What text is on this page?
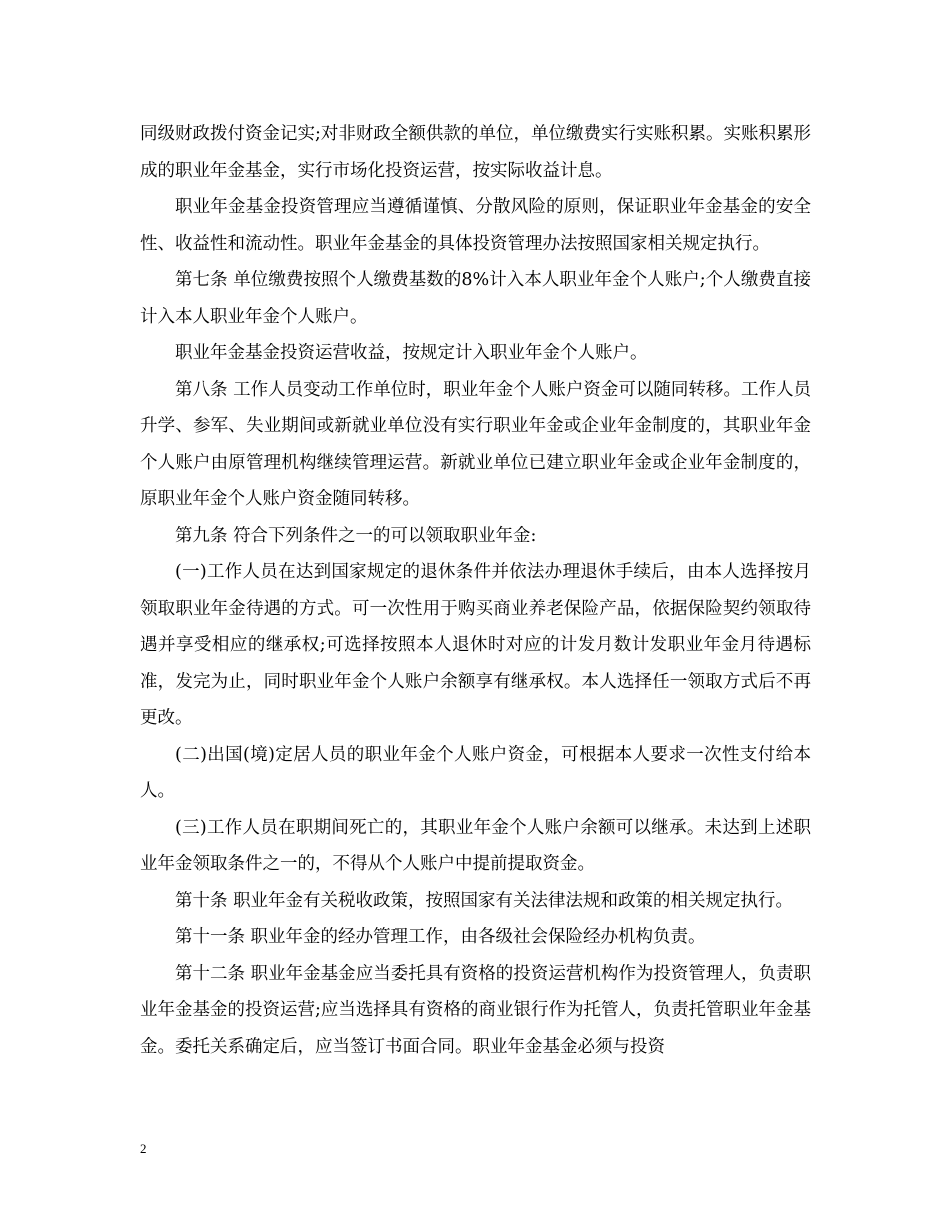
同级财政拨付资金记实;对非财政全额供款的单位，单位缴费实行实账积累。实账积累形成的职业年金基金，实行市场化投资运营，按实际收益计息。

职业年金基金投资管理应当遵循谨慎、分散风险的原则，保证职业年金基金的安全性、收益性和流动性。职业年金基金的具体投资管理办法按照国家相关规定执行。

第七条 单位缴费按照个人缴费基数的8%计入本人职业年金个人账户;个人缴费直接计入本人职业年金个人账户。

职业年金基金投资运营收益，按规定计入职业年金个人账户。

第八条 工作人员变动工作单位时，职业年金个人账户资金可以随同转移。工作人员升学、参军、失业期间或新就业单位没有实行职业年金或企业年金制度的，其职业年金个人账户由原管理机构继续管理运营。新就业单位已建立职业年金或企业年金制度的，原职业年金个人账户资金随同转移。

第九条 符合下列条件之一的可以领取职业年金:

(一)工作人员在达到国家规定的退休条件并依法办理退休手续后，由本人选择按月领取职业年金待遇的方式。可一次性用于购买商业养老保险产品，依据保险契约领取待遇并享受相应的继承权;可选择按照本人退休时对应的计发月数计发职业年金月待遇标准，发完为止，同时职业年金个人账户余额享有继承权。本人选择任一领取方式后不再更改。

(二)出国(境)定居人员的职业年金个人账户资金，可根据本人要求一次性支付给本人。

(三)工作人员在职期间死亡的，其职业年金个人账户余额可以继承。未达到上述职业年金领取条件之一的，不得从个人账户中提前提取资金。

第十条 职业年金有关税收政策，按照国家有关法律法规和政策的相关规定执行。

第十一条 职业年金的经办管理工作，由各级社会保险经办机构负责。

第十二条 职业年金基金应当委托具有资格的投资运营机构作为投资管理人，负责职业年金基金的投资运营;应当选择具有资格的商业银行作为托管人，负责托管职业年金基金。委托关系确定后，应当签订书面合同。职业年金基金必须与投资

2
